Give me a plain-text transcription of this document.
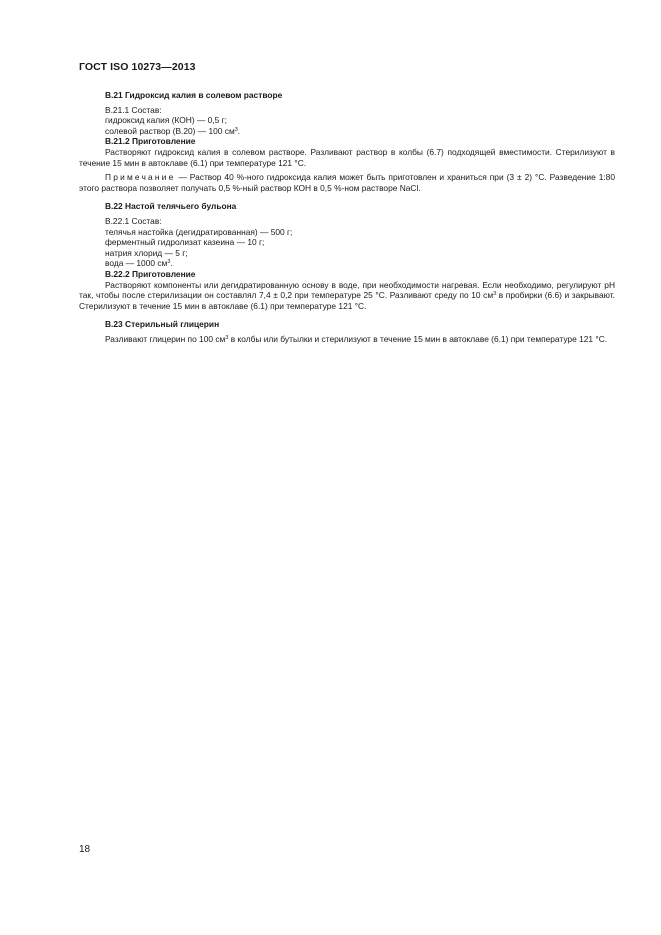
ГОСТ ISO 10273—2013

В.21 Гидроксид калия в солевом растворе

В.21.1 Состав:

гидроксид калия (КОН) — 0,5 г;

солевой раствор (В.20) — 100 $см^3$.

В.21.2 Приготовление

Растворяют гидроксид калия в солевом растворе. Разливают раствор в колбы (6.7) подходящей вместимости. Стерилизуют в течение 15 мин в автоклаве (6.1) при температуре 121 °С.

Примечание — Раствор 40 %-ного гидроксида калия может быть приготовлен и храниться при (3 ± 2) °С. Разведение 1:80 этого раствора позволяет получать 0,5 %-ный раствор КОН в 0,5 %-ном растворе NaCl.

В.22 Настой телячьего бульона

В.22.1 Состав:

телячья настойка (дегидратированная) — 500 г;

ферментный гидролизат казеина — 10 г;

натрия хлорид — 5 г;

вода — 1000 $см^3$.

В.22.2 Приготовление

Растворяют компоненты или дегидратированную основу в воде, при необходимости нагревая. Если необходимо, регулируют рН так, чтобы после стерилизации он составлял 7,4 ± 0,2 при температуре 25 °С. Разливают среду по 10 $см^3$ в пробирки (6.6) и закрывают. Стерилизуют в течение 15 мин в автоклаве (6.1) при температуре 121 °С.

В.23 Стерильный глицерин

Разливают глицерин по 100 $см^3$ в колбы или бутылки и стерилизуют в течение 15 мин в автоклаве (6.1) при температуре 121 °С.

18
